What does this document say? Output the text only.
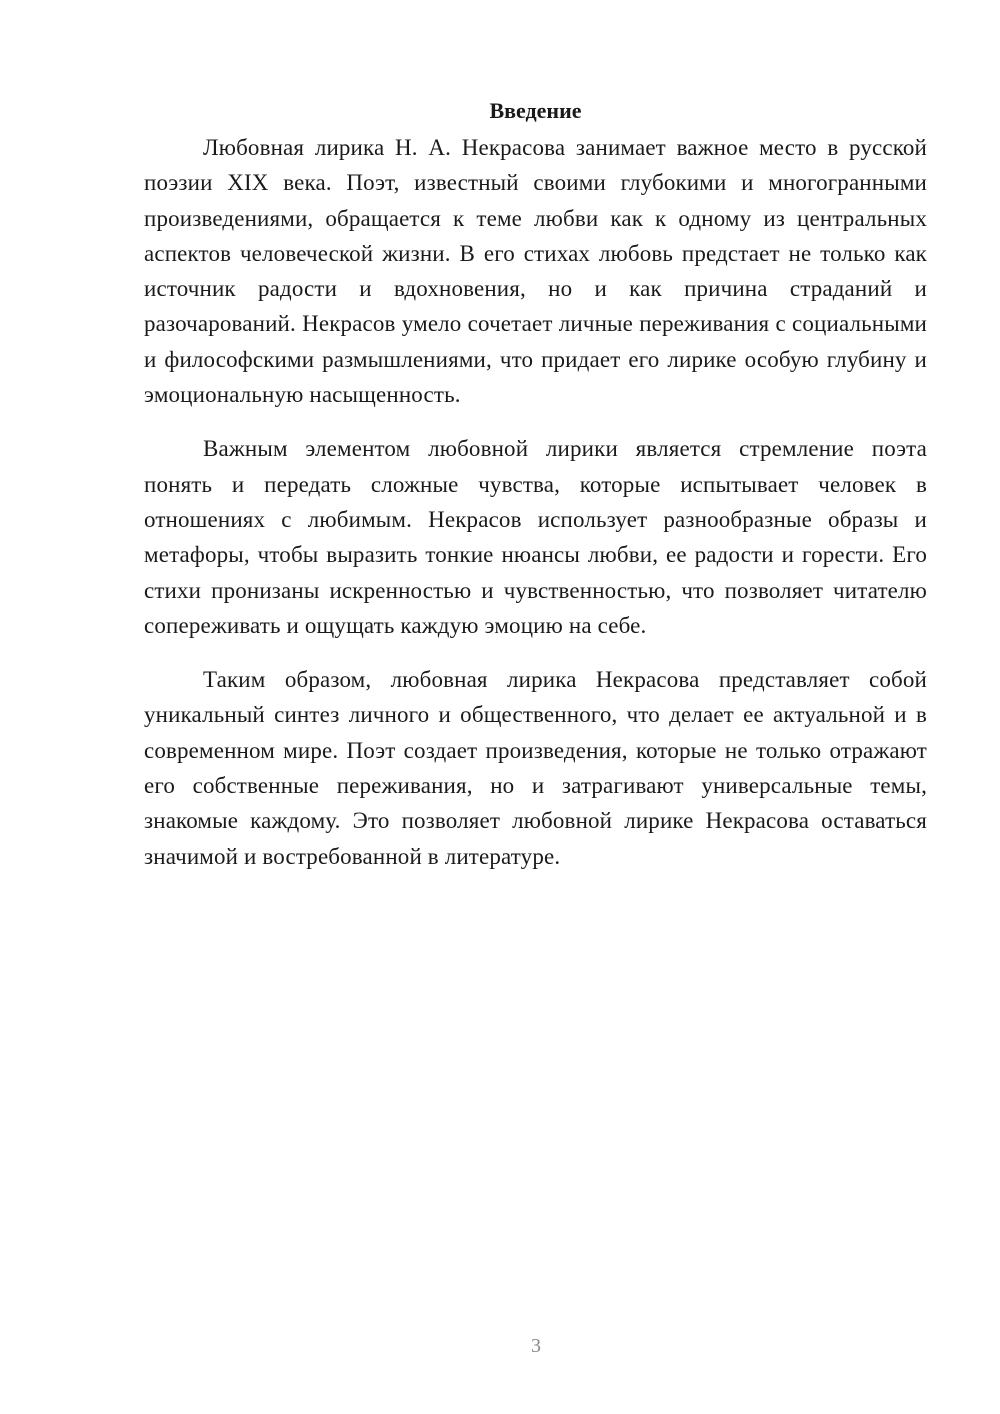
Введение

Любовная лирика Н. А. Некрасова занимает важное место в русской поэзии XIX века. Поэт, известный своими глубокими и многогранными произведениями, обращается к теме любви как к одному из центральных аспектов человеческой жизни. В его стихах любовь предстает не только как источник радости и вдохновения, но и как причина страданий и разочарований. Некрасов умело сочетает личные переживания с социальными и философскими размышлениями, что придает его лирике особую глубину и эмоциональную насыщенность.

Важным элементом любовной лирики является стремление поэта понять и передать сложные чувства, которые испытывает человек в отношениях с любимым. Некрасов использует разнообразные образы и метафоры, чтобы выразить тонкие нюансы любви, ее радости и горести. Его стихи пронизаны искренностью и чувственностью, что позволяет читателю сопереживать и ощущать каждую эмоцию на себе.

Таким образом, любовная лирика Некрасова представляет собой уникальный синтез личного и общественного, что делает ее актуальной и в современном мире. Поэт создает произведения, которые не только отражают его собственные переживания, но и затрагивают универсальные темы, знакомые каждому. Это позволяет любовной лирике Некрасова оставаться значимой и востребованной в литературе.

3
